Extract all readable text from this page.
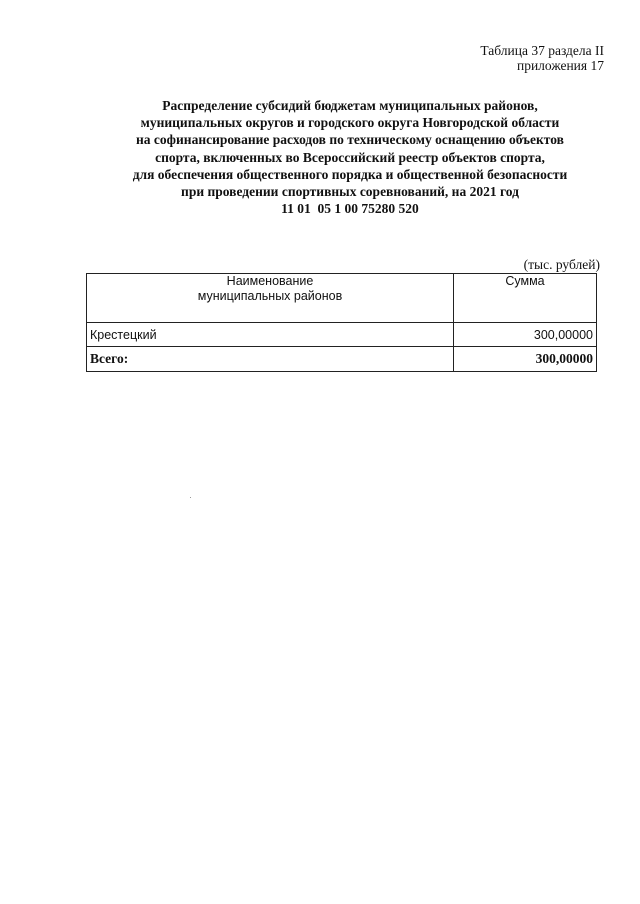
Таблица 37 раздела II
приложения 17
Распределение субсидий бюджетам муниципальных районов,
муниципальных округов и городского округа Новгородской области
на софинансирование расходов по техническому оснащению объектов
спорта, включенных во Всероссийский реестр объектов спорта,
для обеспечения общественного порядка и общественной безопасности
при проведении спортивных соревнований, на 2021 год
11 01  05 1 00 75280 520
(тыс. рублей)
Наименование
муниципальных районов	Сумма
Крестецкий	300,00000
Всего:	300,00000
